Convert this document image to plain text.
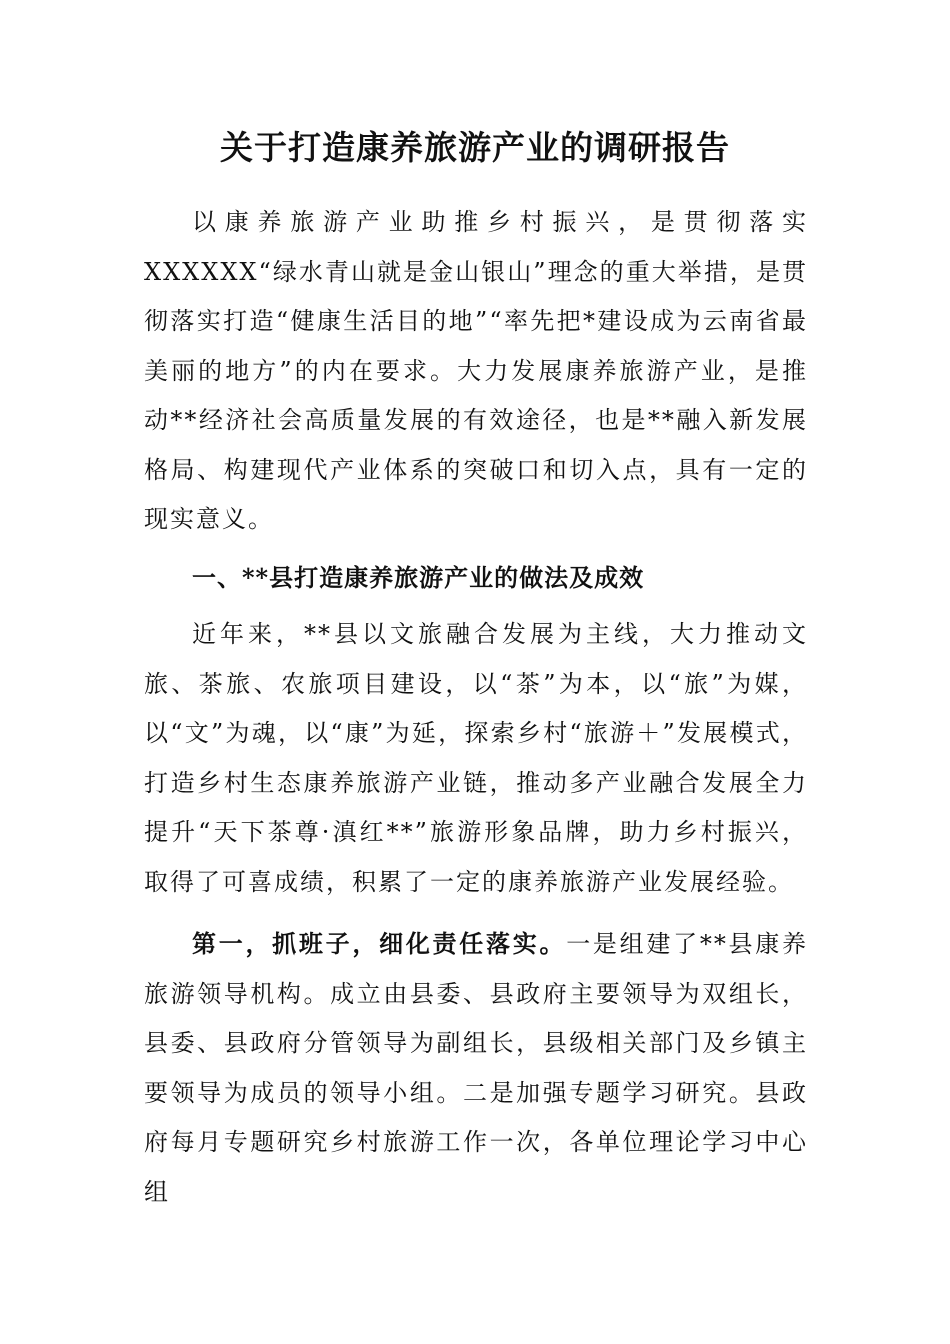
关于打造康养旅游产业的调研报告

以康养旅游产业助推乡村振兴，是贯彻落实XXXXXX“绿水青山就是金山银山”理念的重大举措，是贯彻落实打造“健康生活目的地”“率先把*建设成为云南省最美丽的地方”的内在要求。大力发展康养旅游产业，是推动**经济社会高质量发展的有效途径，也是**融入新发展格局、构建现代产业体系的突破口和切入点，具有一定的现实意义。

一、**县打造康养旅游产业的做法及成效

近年来，**县以文旅融合发展为主线，大力推动文旅、茶旅、农旅项目建设，以“茶”为本，以“旅”为媒，以“文”为魂，以“康”为延，探索乡村“旅游＋”发展模式，打造乡村生态康养旅游产业链，推动多产业融合发展全力提升“天下茶尊·滇红**”旅游形象品牌，助力乡村振兴，取得了可喜成绩，积累了一定的康养旅游产业发展经验。

第一，抓班子，细化责任落实。一是组建了**县康养旅游领导机构。成立由县委、县政府主要领导为双组长，县委、县政府分管领导为副组长，县级相关部门及乡镇主要领导为成员的领导小组。二是加强专题学习研究。县政府每月专题研究乡村旅游工作一次，各单位理论学习中心组
